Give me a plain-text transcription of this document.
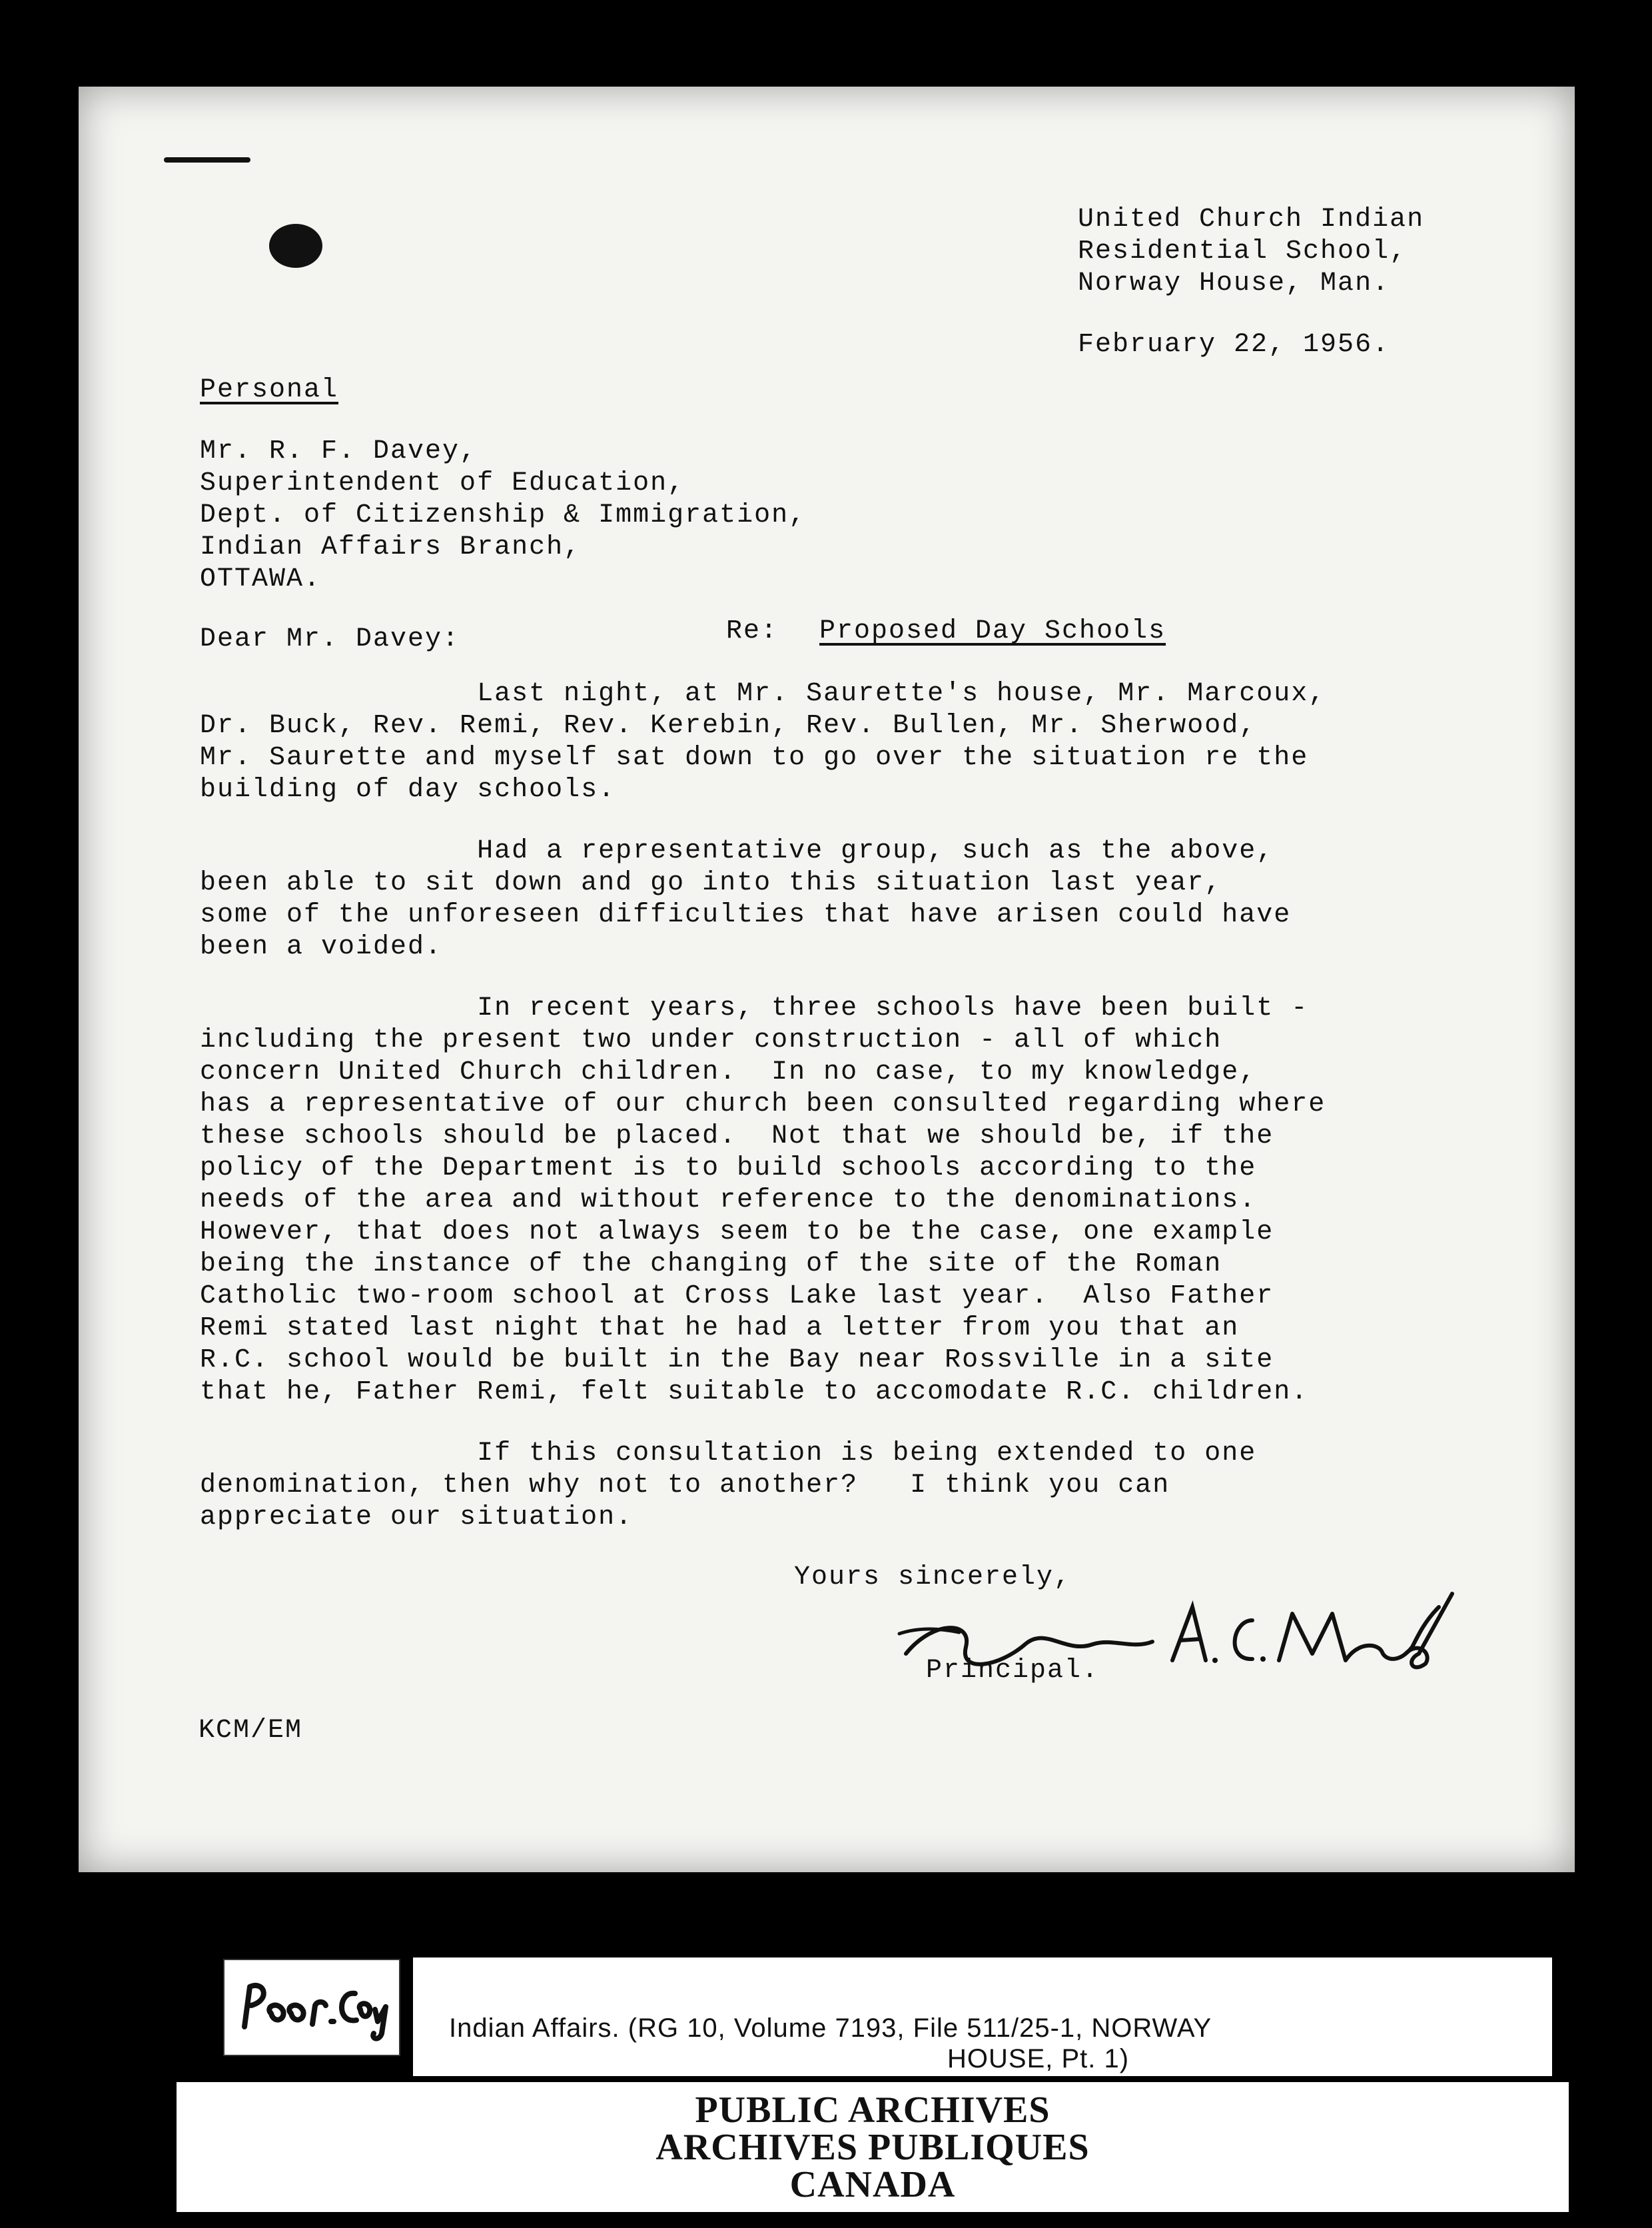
United Church Indian
Residential School,
Norway House, Man.
February 22, 1956.
Personal
Mr. R. F. Davey,
Superintendent of Education,
Dept. of Citizenship & Immigration,
Indian Affairs Branch,
OTTAWA.
Dear Mr. Davey:	Re: Proposed Day Schools
Last night, at Mr. Saurette's house, Mr. Marcoux,
Dr. Buck, Rev. Remi, Rev. Kerebin, Rev. Bullen, Mr. Sherwood,
Mr. Saurette and myself sat down to go over the situation re the
building of day schools.
Had a representative group, such as the above,
been able to sit down and go into this situation last year,
some of the unforeseen difficulties that have arisen could have
been a voided.
In recent years, three schools have been built -
including the present two under construction - all of which
concern United Church children.  In no case, to my knowledge,
has a representative of our church been consulted regarding where
these schools should be placed.  Not that we should be, if the
policy of the Department is to build schools according to the
needs of the area and without reference to the denominations.
However, that does not always seem to be the case, one example
being the instance of the changing of the site of the Roman
Catholic two-room school at Cross Lake last year.  Also Father
Remi stated last night that he had a letter from you that an
R.C. school would be built in the Bay near Rossville in a site
that he, Father Remi, felt suitable to accomodate R.C. children.
If this consultation is being extended to one
denomination, then why not to another?   I think you can
appreciate our situation.
Yours sincerely,
Principal.
KCM/EM
Indian Affairs. (RG 10, Volume 7193, File 511/25-1, NORWAY
HOUSE, Pt. 1)
PUBLIC ARCHIVES
ARCHIVES PUBLIQUES
CANADA
